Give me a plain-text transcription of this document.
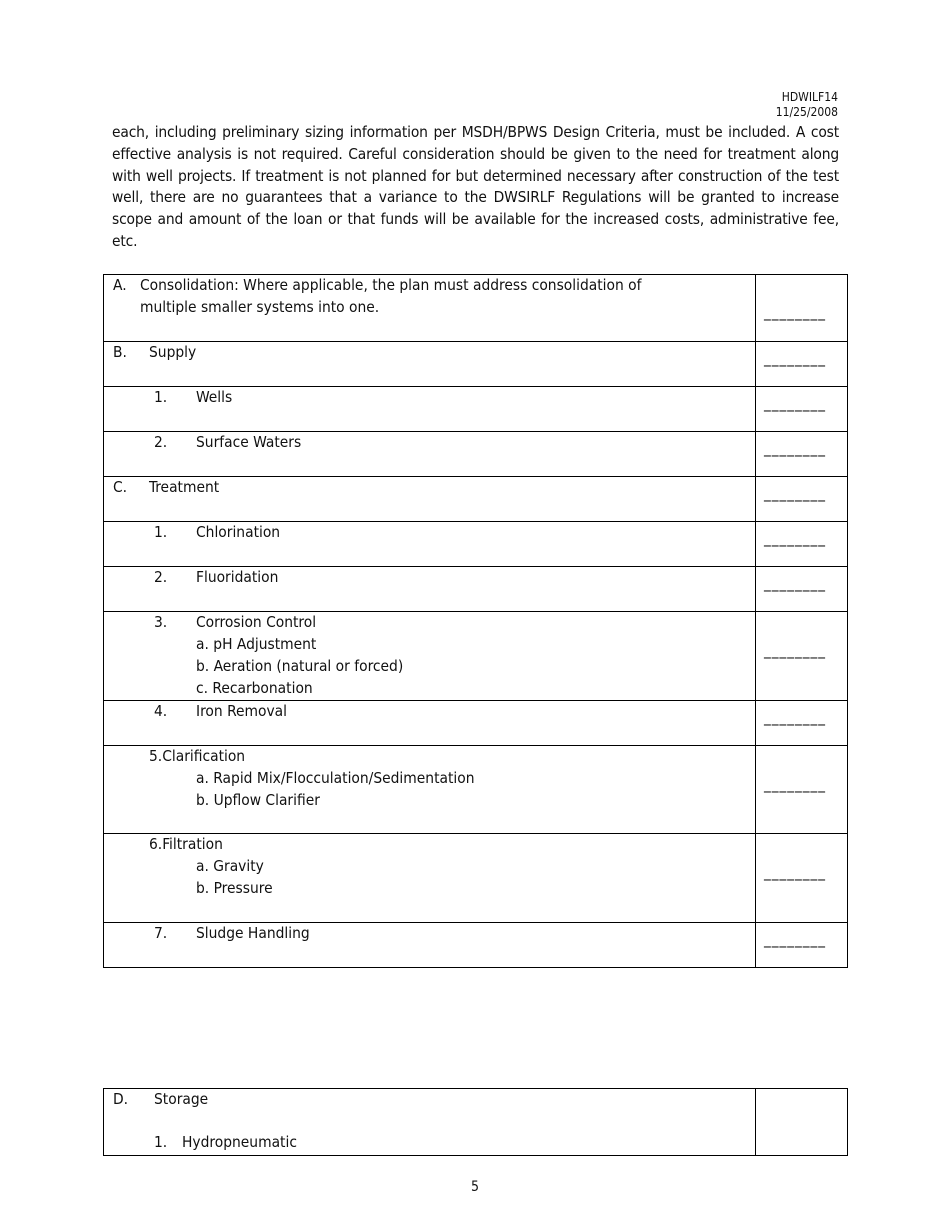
HDWILF14
11/25/2008
each, including preliminary sizing information per MSDH/BPWS Design Criteria, must be included. A cost effective analysis is not required. Careful consideration should be given to the need for treatment along with well projects. If treatment is not planned for but determined necessary after construction of the test well, there are no guarantees that a variance to the DWSIRLF Regulations will be granted to increase scope and amount of the loan or that funds will be available for the increased costs, administrative fee, etc.
A. Consolidation: Where applicable, the plan must address consolidation of
multiple smaller systems into one.	________

B. Supply	________

1. Wells	________

2. Surface Waters	________

C. Treatment	________

1. Chlorination	________

2. Fluoridation	________

3. Corrosion Control
a. pH Adjustment
b. Aeration (natural or forced)
c. Recarbonation	________

4. Iron Removal	________

5.Clarification
a. Rapid Mix/Flocculation/Sedimentation
b. Upflow Clarifier	________

6.Filtration
a. Gravity
b. Pressure	________

7. Sludge Handling	________
D. Storage
1. Hydropneumatic

5
